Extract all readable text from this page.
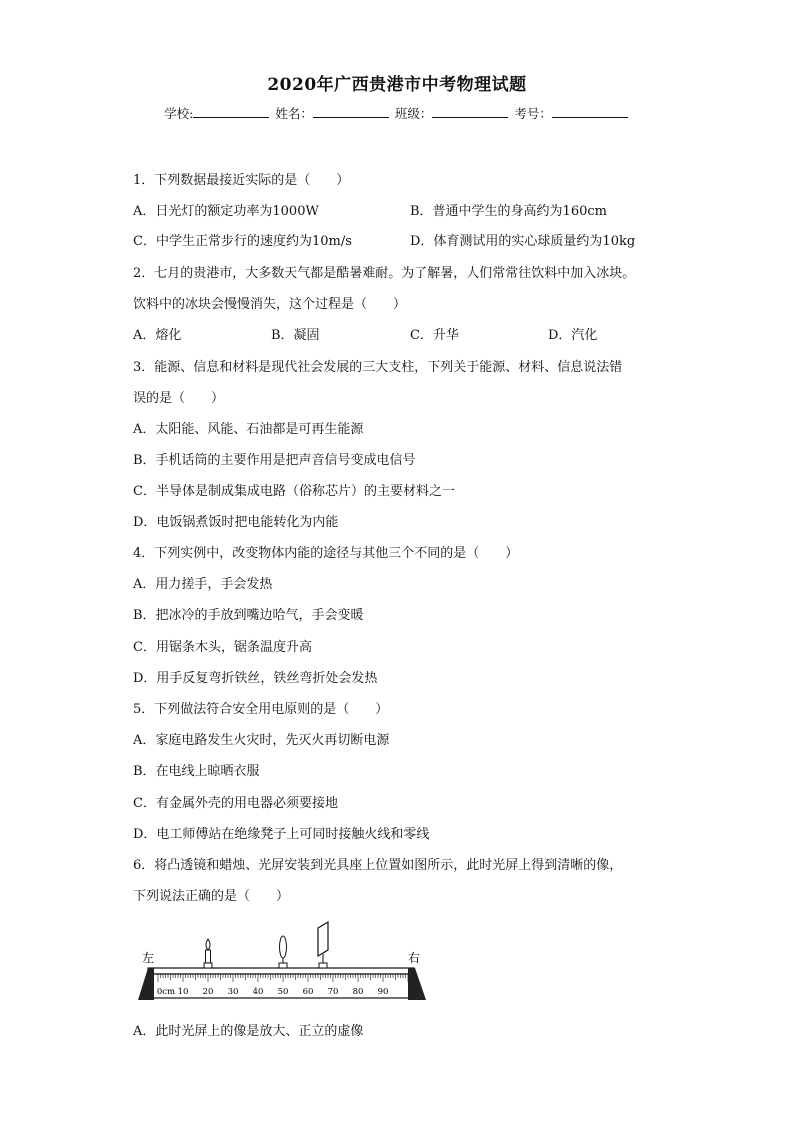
2020年广西贵港市中考物理试题
学校:	姓名：	班级：	考号：
1．下列数据最接近实际的是（　　）
A．日光灯的额定功率为1000W	B．普通中学生的身高约为160cm
C．中学生正常步行的速度约为10m/s	D．体育测试用的实心球质量约为10kg
2．七月的贵港市，大多数天气都是酷暑难耐。为了解暑，人们常常往饮料中加入冰块。
饮料中的冰块会慢慢消失，这个过程是（　　）
A．熔化	B．凝固	C．升华	D．汽化
3．能源、信息和材料是现代社会发展的三大支柱，下列关于能源、材料、信息说法错
误的是（　　）
A．太阳能、风能、石油都是可再生能源
B．手机话筒的主要作用是把声音信号变成电信号
C．半导体是制成集成电路（俗称芯片）的主要材料之一
D．电饭锅煮饭时把电能转化为内能
4．下列实例中，改变物体内能的途径与其他三个不同的是（　　）
A．用力搓手，手会发热
B．把冰冷的手放到嘴边哈气，手会变暖
C．用锯条木头，锯条温度升高
D．用手反复弯折铁丝，铁丝弯折处会发热
5．下列做法符合安全用电原则的是（　　）
A．家庭电路发生火灾时，先灭火再切断电源
B．在电线上晾晒衣服
C．有金属外壳的用电器必须要接地
D．电工师傅站在绝缘凳子上可同时接触火线和零线
6．将凸透镜和蜡烛、光屏安装到光具座上位置如图所示，此时光屏上得到清晰的像，
下列说法正确的是（　　）
左	右
0cm 10 20 30 40 50 60 70 80 90
A．此时光屏上的像是放大、正立的虚像
